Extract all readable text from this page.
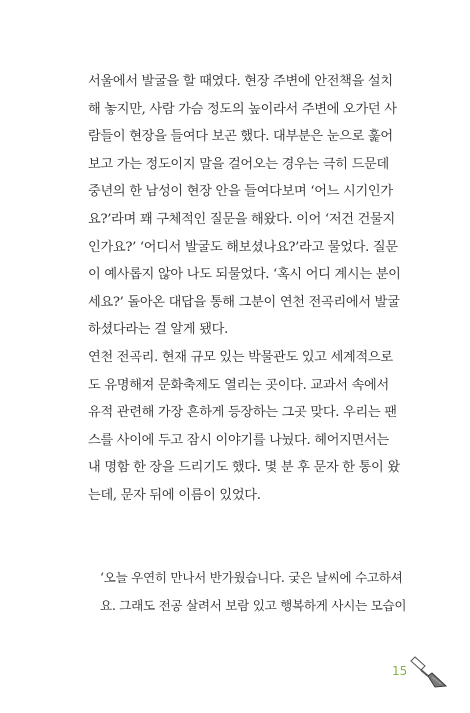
서울에서 발굴을 할 때였다. 현장 주변에 안전책을 설치
해 놓지만, 사람 가슴 정도의 높이라서 주변에 오가던 사
람들이 현장을 들여다 보곤 했다. 대부분은 눈으로 훑어
보고 가는 정도이지 말을 걸어오는 경우는 극히 드문데
중년의 한 남성이 현장 안을 들여다보며 ‘어느 시기인가
요?’라며 꽤 구체적인 질문을 해왔다. 이어 ‘저건 건물지
인가요?’ ‘어디서 발굴도 해보셨나요?’라고 물었다. 질문
이 예사롭지 않아 나도 되물었다. ‘혹시 어디 계시는 분이
세요?’ 돌아온 대답을 통해 그분이 연천 전곡리에서 발굴
하셨다라는 걸 알게 됐다.
연천 전곡리. 현재 규모 있는 박물관도 있고 세계적으로
도 유명해져 문화축제도 열리는 곳이다. 교과서 속에서
유적 관련해 가장 흔하게 등장하는 그곳 맞다. 우리는 팬
스를 사이에 두고 잠시 이야기를 나눴다. 헤어지면서는
내 명함 한 장을 드리기도 했다. 몇 분 후 문자 한 통이 왔
는데, 문자 뒤에 이름이 있었다.
‘오늘 우연히 만나서 반가웠습니다. 궂은 날씨에 수고하셔
요. 그래도 전공 살려서 보람 있고 행복하게 사시는 모습이
15
